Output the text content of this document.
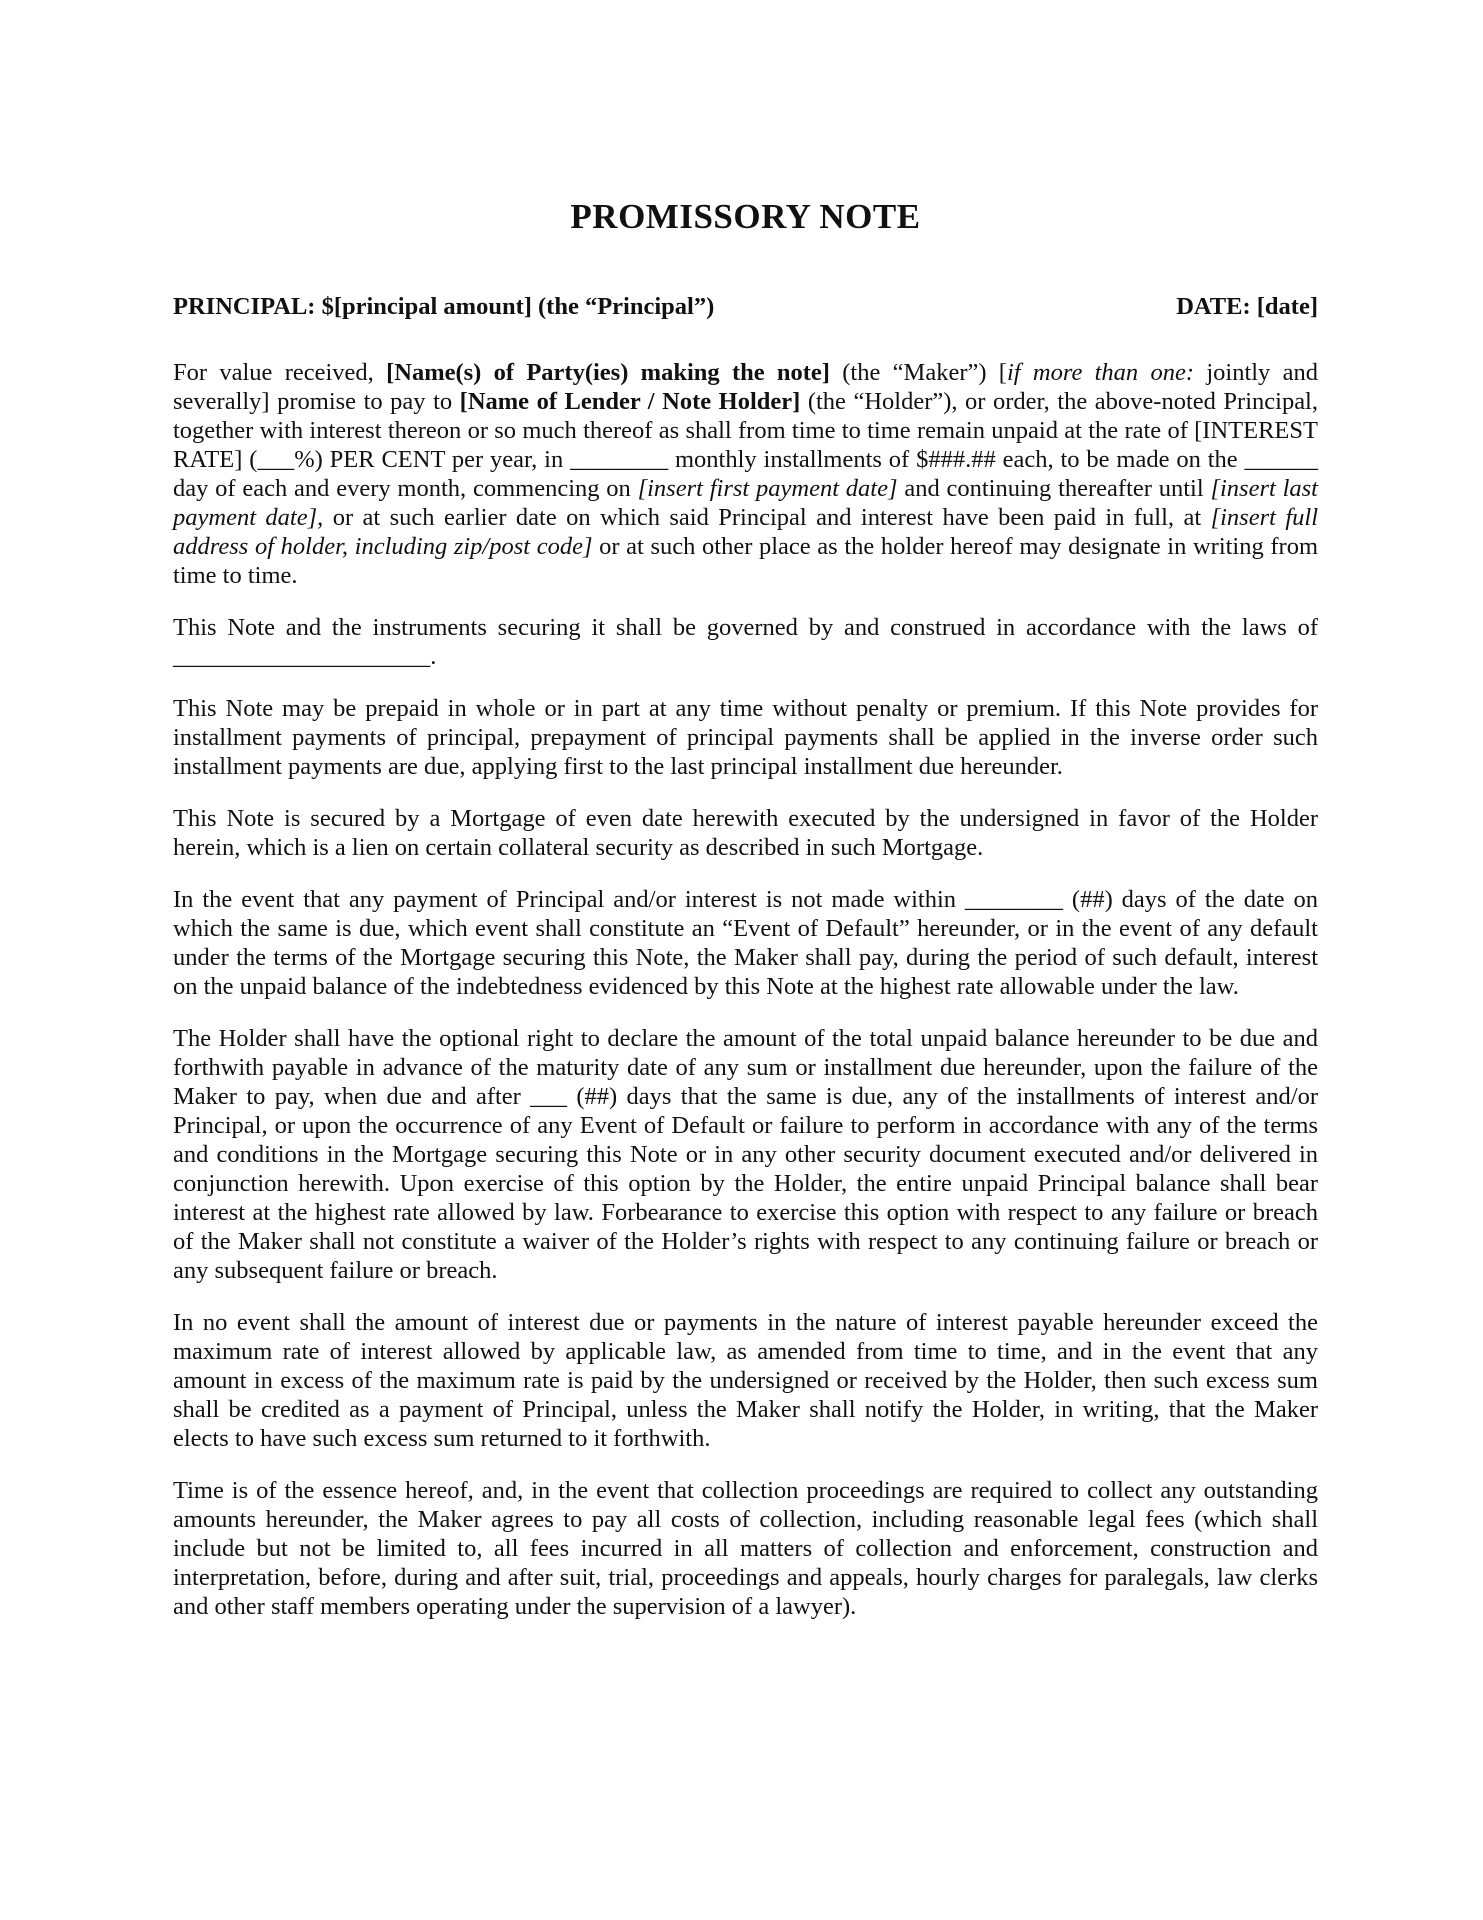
PROMISSORY NOTE
PRINCIPAL: $[principal amount] (the “Principal”)	DATE: [date]

For value received, [Name(s) of Party(ies) making the note] (the “Maker”) [if more than one: jointly and severally] promise to pay to [Name of Lender / Note Holder] (the “Holder”), or order, the above-noted Principal, together with interest thereon or so much thereof as shall from time to time remain unpaid at the rate of [INTEREST RATE] (___%) PER CENT per year, in ________ monthly installments of $###.## each, to be made on the ______ day of each and every month, commencing on [insert first payment date] and continuing thereafter until [insert last payment date], or at such earlier date on which said Principal and interest have been paid in full, at [insert full address of holder, including zip/post code] or at such other place as the holder hereof may designate in writing from time to time.

This Note and the instruments securing it shall be governed by and construed in accordance with the laws of _____________________.

This Note may be prepaid in whole or in part at any time without penalty or premium. If this Note provides for installment payments of principal, prepayment of principal payments shall be applied in the inverse order such installment payments are due, applying first to the last principal installment due hereunder.

This Note is secured by a Mortgage of even date herewith executed by the undersigned in favor of the Holder herein, which is a lien on certain collateral security as described in such Mortgage.

In the event that any payment of Principal and/or interest is not made within ________ (##) days of the date on which the same is due, which event shall constitute an “Event of Default” hereunder, or in the event of any default under the terms of the Mortgage securing this Note, the Maker shall pay, during the period of such default, interest on the unpaid balance of the indebtedness evidenced by this Note at the highest rate allowable under the law.

The Holder shall have the optional right to declare the amount of the total unpaid balance hereunder to be due and forthwith payable in advance of the maturity date of any sum or installment due hereunder, upon the failure of the Maker to pay, when due and after ___ (##) days that the same is due, any of the installments of interest and/or Principal, or upon the occurrence of any Event of Default or failure to perform in accordance with any of the terms and conditions in the Mortgage securing this Note or in any other security document executed and/or delivered in conjunction herewith. Upon exercise of this option by the Holder, the entire unpaid Principal balance shall bear interest at the highest rate allowed by law. Forbearance to exercise this option with respect to any failure or breach of the Maker shall not constitute a waiver of the Holder’s rights with respect to any continuing failure or breach or any subsequent failure or breach.

In no event shall the amount of interest due or payments in the nature of interest payable hereunder exceed the maximum rate of interest allowed by applicable law, as amended from time to time, and in the event that any amount in excess of the maximum rate is paid by the undersigned or received by the Holder, then such excess sum shall be credited as a payment of Principal, unless the Maker shall notify the Holder, in writing, that the Maker elects to have such excess sum returned to it forthwith.

Time is of the essence hereof, and, in the event that collection proceedings are required to collect any outstanding amounts hereunder, the Maker agrees to pay all costs of collection, including reasonable legal fees (which shall include but not be limited to, all fees incurred in all matters of collection and enforcement, construction and interpretation, before, during and after suit, trial, proceedings and appeals, hourly charges for paralegals, law clerks and other staff members operating under the supervision of a lawyer).
